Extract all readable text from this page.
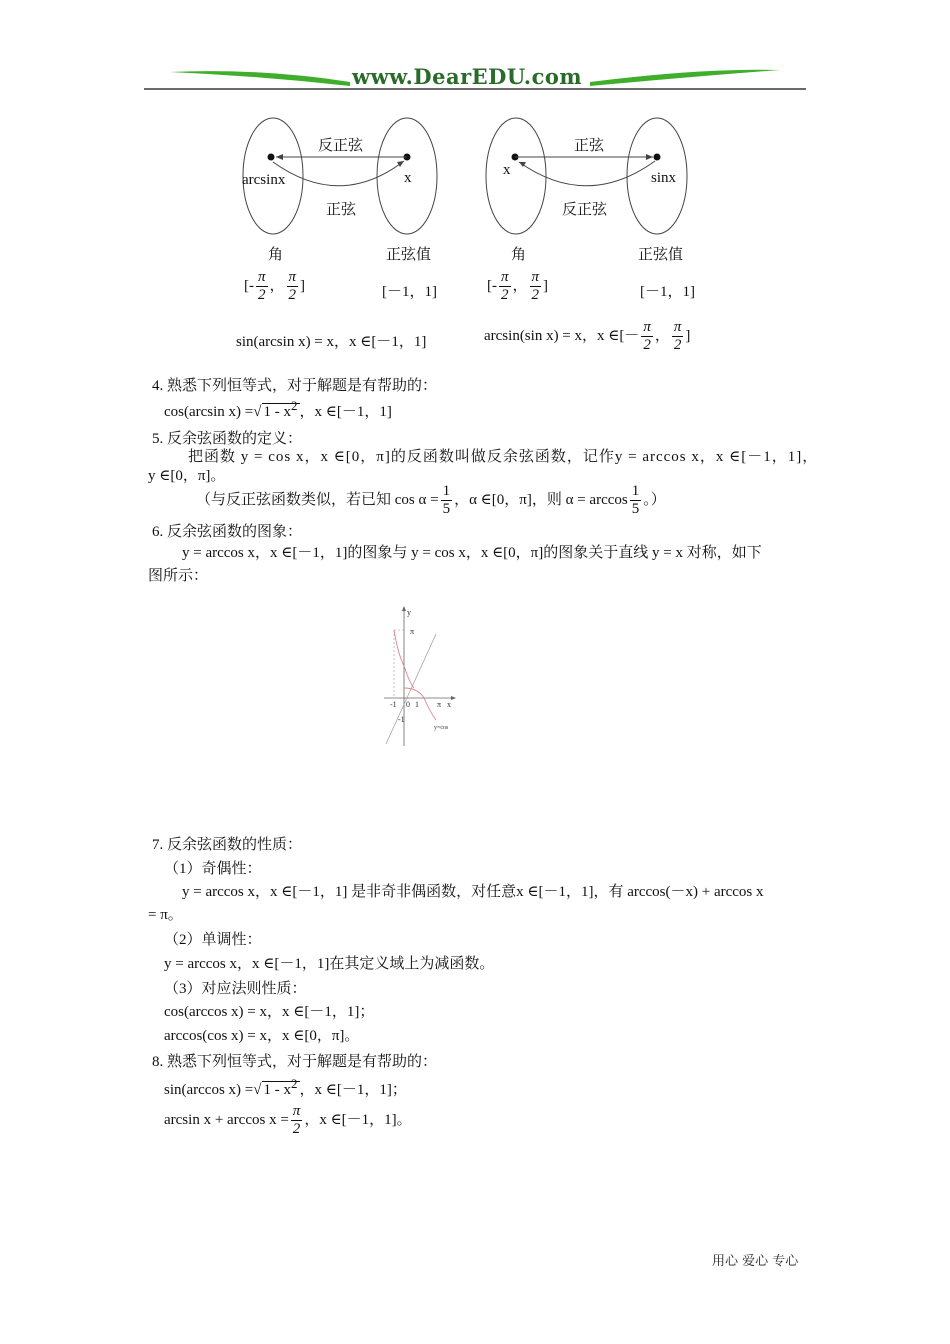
www.DearEDU.com
反正弦
arcsinx	x
正弦
角	正弦值
[- $\frac{\pi}{2}$ ， $\frac{\pi}{2}$ ]	[－1，1]
正弦
x	sinx
反正弦
角	正弦值
[- $\frac{\pi}{2}$ ， $\frac{\pi}{2}$ ]	[－1，1]
sin(arcsin x) = x，x ∈[－1，1]	arcsin(sin x) = x，x ∈[－ $\frac{\pi}{2}$ ， $\frac{\pi}{2}$ ]
4. 熟悉下列恒等式，对于解题是有帮助的：
cos(arcsin x) =√ $1 - x^2$ ，x ∈[－1，1]
5. 反余弦函数的定义：
把函数 y = cos x，x ∈[0，π]的反函数叫做反余弦函数，记作y = arccos x，x ∈[－1，1]，
y ∈[0，π]。
（与反正弦函数类似，若已知 $\cos \alpha = \frac{1}{5}$ ，α ∈[0，π]，则 $\alpha = \arccos \frac{1}{5}$ 。）
6. 反余弦函数的图象：
y = arccos x，x ∈[－1，1]的图象与 y = cos x，x ∈[0，π]的图象关于直线 y = x 对称，如下
图所示：
y
π
-1 0 1 π x
-1
y=cos
7. 反余弦函数的性质：
（1）奇偶性：
y = arccos x，x ∈[－1，1] 是非奇非偶函数，对任意x ∈[－1，1]，有 arccos(－x) + arccos x
= π。
（2）单调性：
y = arccos x，x ∈[－1，1]在其定义域上为减函数。
（3）对应法则性质：
cos(arccos x) = x，x ∈[－1，1]；
arccos(cos x) = x，x ∈[0，π]。
8. 熟悉下列恒等式，对于解题是有帮助的：
sin(arccos x) =√ $1 - x^2$ ，x ∈[－1，1]；
$\arcsin x + \arccos x = \frac{\pi}{2}$ ，x ∈[－1，1]。
用心 爱心 专心
